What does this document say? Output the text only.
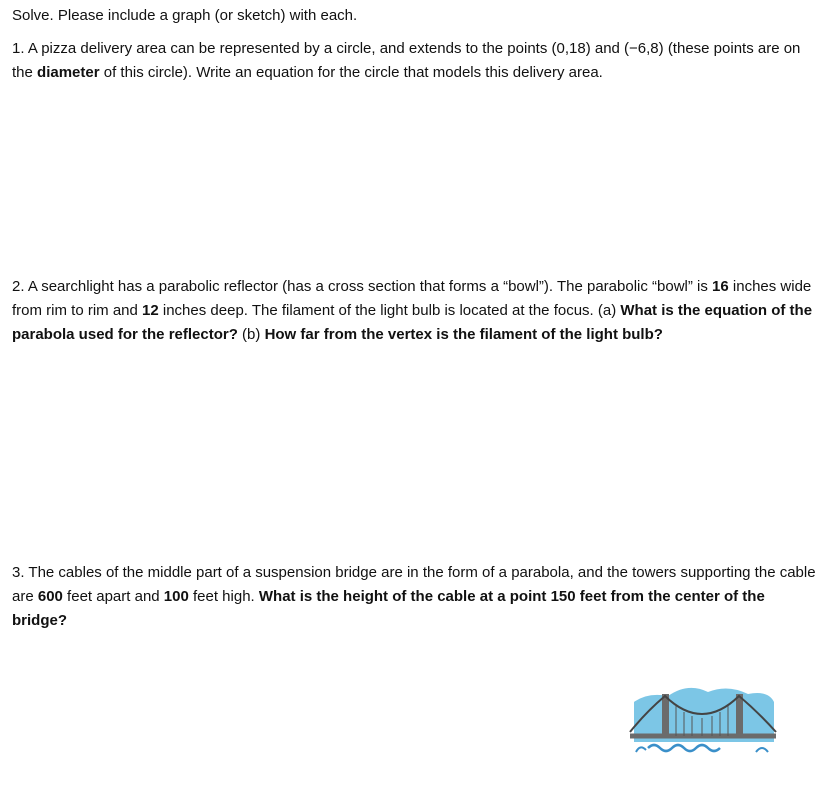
Solve. Please include a graph (or sketch) with each.

1. A pizza delivery area can be represented by a circle, and extends to the points (0,18) and (−6,8) (these points are on the diameter of this circle). Write an equation for the circle that models this delivery area.

2. A searchlight has a parabolic reflector (has a cross section that forms a “bowl”). The parabolic “bowl” is 16 inches wide from rim to rim and 12 inches deep. The filament of the light bulb is located at the focus. (a) What is the equation of the parabola used for the reflector? (b) How far from the vertex is the filament of the light bulb?

3. The cables of the middle part of a suspension bridge are in the form of a parabola, and the towers supporting the cable are 600 feet apart and 100 feet high. What is the height of the cable at a point 150 feet from the center of the bridge?
